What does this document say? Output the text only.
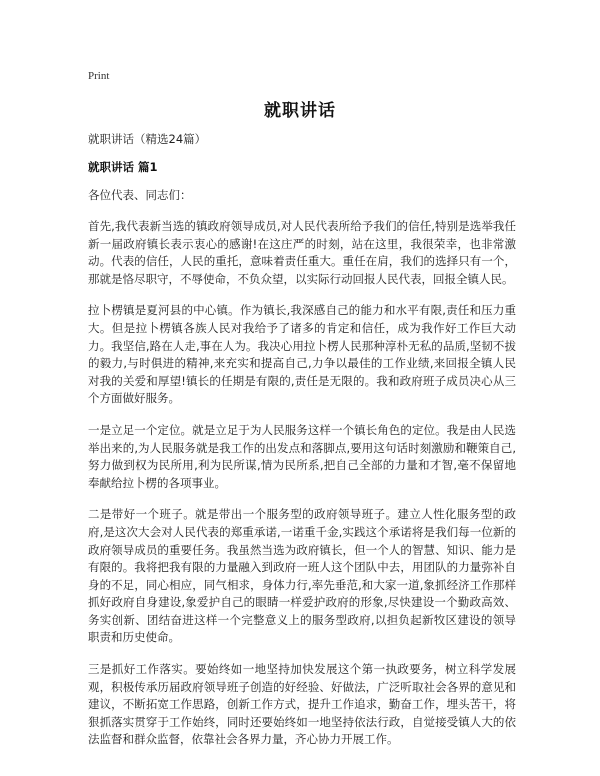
Print
就职讲话
就职讲话（精选24篇）
就职讲话 篇1
各位代表、同志们：

首先,我代表新当选的镇政府领导成员,对人民代表所给予我们的信任,特别是选举我任新一届政府镇长表示衷心的感谢!在这庄严的时刻，站在这里，我很荣幸，也非常激动。代表的信任，人民的重托，意味着责任重大。重任在肩，我们的选择只有一个，那就是恪尽职守，不辱使命，不负众望，以实际行动回报人民代表，回报全镇人民。

拉卜楞镇是夏河县的中心镇。作为镇长,我深感自己的能力和水平有限,责任和压力重大。但是拉卜楞镇各族人民对我给予了诸多的肯定和信任，成为我作好工作巨大动力。我坚信,路在人走,事在人为。我决心用拉卜楞人民那种淳朴无私的品质,坚韧不拔的毅力,与时俱进的精神,来充实和提高自己,力争以最佳的工作业绩,来回报全镇人民对我的关爱和厚望!镇长的任期是有限的,责任是无限的。我和政府班子成员决心从三个方面做好服务。

一是立足一个定位。就是立足于为人民服务这样一个镇长角色的定位。我是由人民选举出来的,为人民服务就是我工作的出发点和落脚点,要用这句话时刻激励和鞭策自己,努力做到权为民所用,利为民所谋,情为民所系,把自己全部的力量和才智,毫不保留地奉献给拉卜楞的各项事业。

二是带好一个班子。就是带出一个服务型的政府领导班子。建立人性化服务型的政府,是这次大会对人民代表的郑重承诺,一诺重千金,实践这个承诺将是我们每一位新的政府领导成员的重要任务。我虽然当选为政府镇长，但一个人的智慧、知识、能力是有限的。我将把我有限的力量融入到政府一班人这个团队中去，用团队的力量弥补自身的不足，同心相应，同气相求，身体力行,率先垂范,和大家一道,象抓经济工作那样抓好政府自身建设,象爱护自己的眼睛一样爱护政府的形象,尽快建设一个勤政高效、务实创新、团结奋进这样一个完整意义上的服务型政府,以担负起新牧区建设的领导职责和历史使命。

三是抓好工作落实。要始终如一地坚持加快发展这个第一执政要务，树立科学发展观，积极传承历届政府领导班子创造的好经验、好做法，广泛听取社会各界的意见和建议，不断拓宽工作思路，创新工作方式，提升工作追求，勤奋工作，埋头苦干，将狠抓落实贯穿于工作始终，同时还要始终如一地坚持依法行政，自觉接受镇人大的依法监督和群众监督，依靠社会各界力量，齐心协力开展工作。
